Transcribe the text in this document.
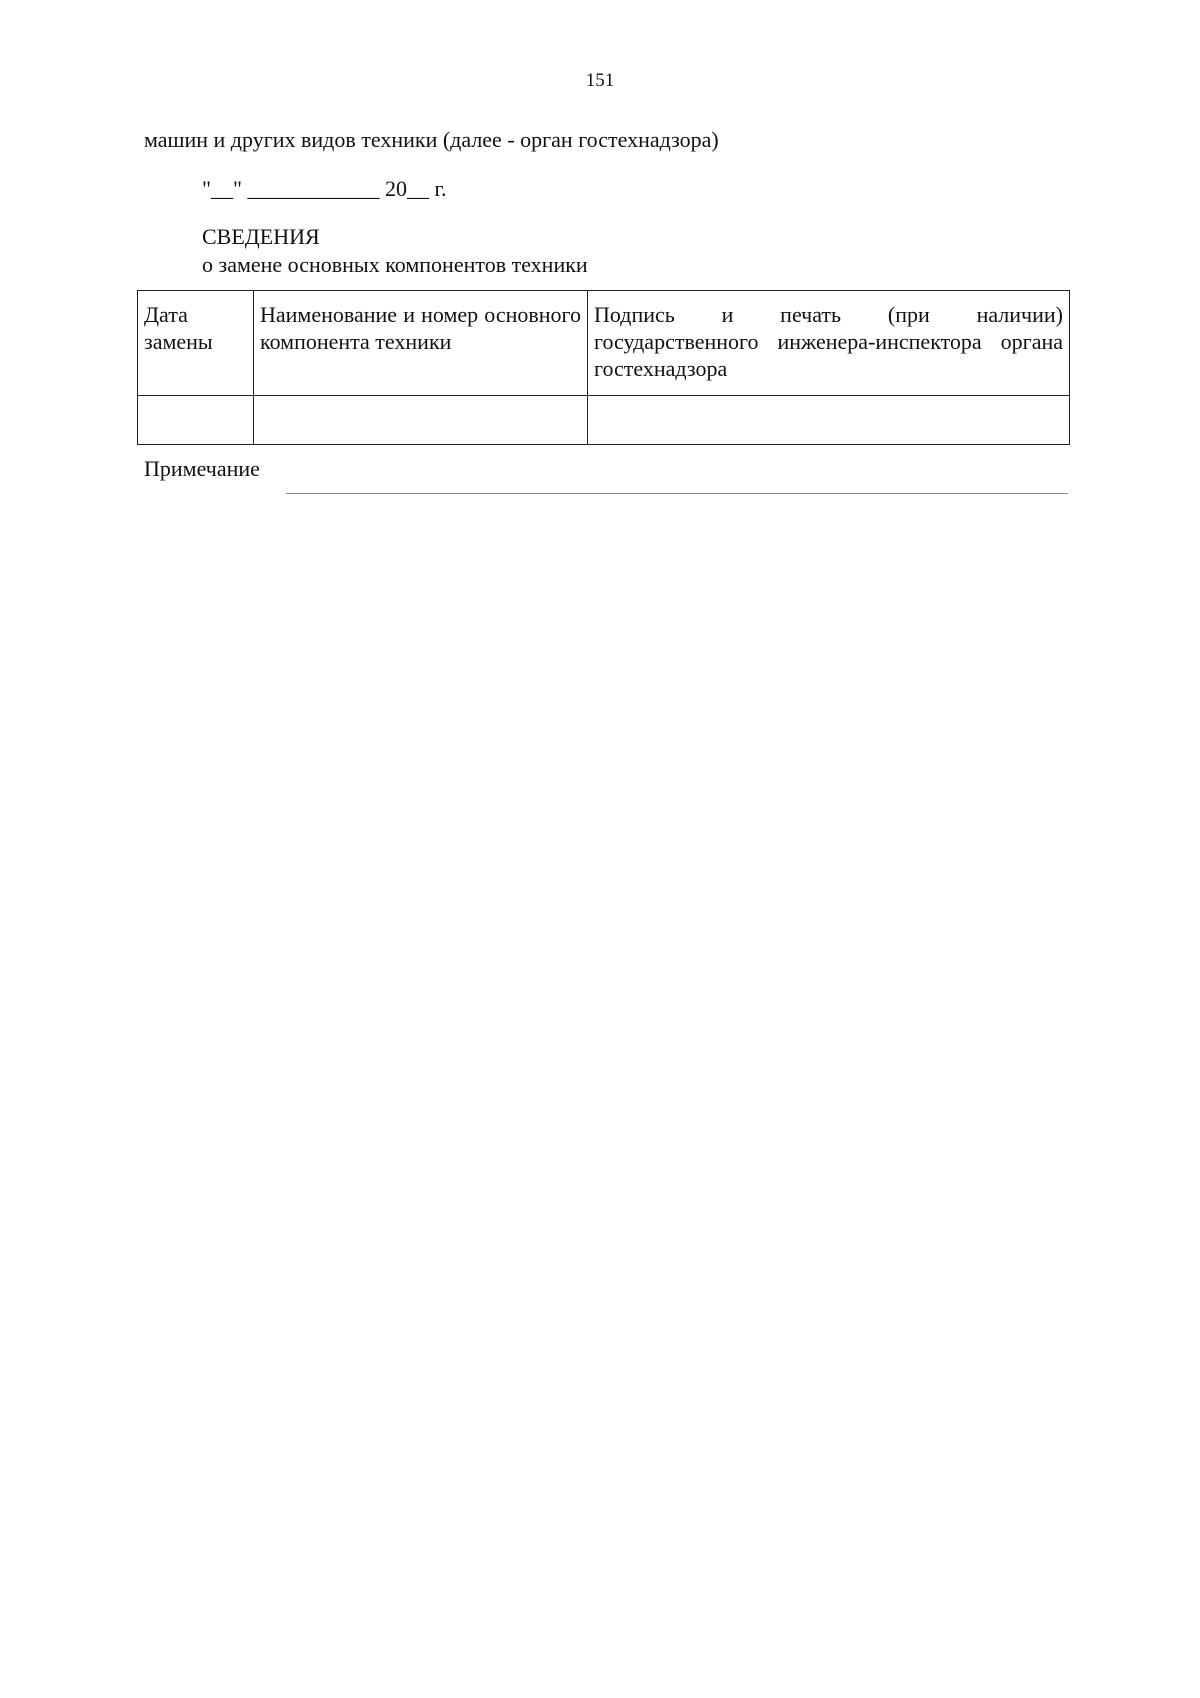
151
машин и других видов техники (далее - орган гостехнадзора)
"__" ____________ 20__ г.
СВЕДЕНИЯ
о замене основных компонентов техники
Дата замены	Наименование и номер основного компонента техники	Подпись и печать (при наличии) государственного инженера-инспектора органа гостехнадзора

Примечание
